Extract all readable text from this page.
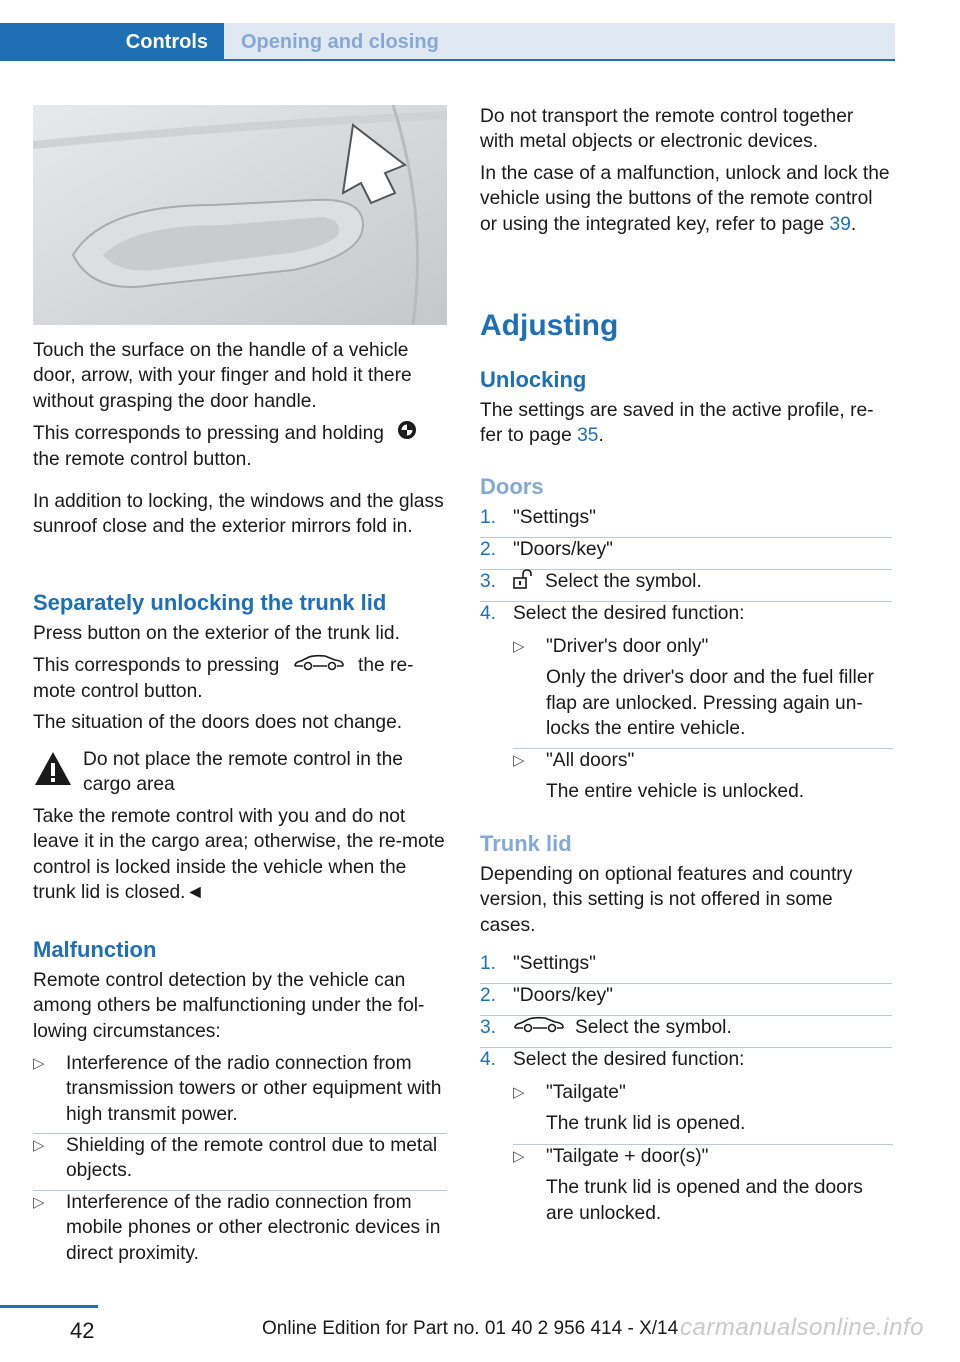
Controls	Opening and closing

Touch the surface on the handle of a vehicle door, arrow, with your finger and hold it there without grasping the door handle.

This corresponds to pressing and holding
the remote control button.

In addition to locking, the windows and the glass sunroof close and the exterior mirrors fold in.

Separately unlocking the trunk lid

Press button on the exterior of the trunk lid.

This corresponds to pressing	the re-
mote control button.

The situation of the doors does not change.

Do not place the remote control in the cargo area

Take the remote control with you and do not leave it in the cargo area; otherwise, the re-mote control is locked inside the vehicle when the trunk lid is closed.◄

Malfunction

Remote control detection by the vehicle can among others be malfunctioning under the fol-lowing circumstances:

▷	Interference of the radio connection from transmission towers or other equipment with high transmit power.
▷	Shielding of the remote control due to metal objects.
▷	Interference of the radio connection from mobile phones or other electronic devices in direct proximity.

Do not transport the remote control together with metal objects or electronic devices.

In the case of a malfunction, unlock and lock the vehicle using the buttons of the remote control or using the integrated key, refer to page 39.

Adjusting
Unlocking

The settings are saved in the active profile, re-fer to page 35.

Doors
1. "Settings"
2. "Doors/key"
3.	Select the symbol.
4. Select the desired function:
▷	"Driver's door only"

Only the driver's door and the fuel filler flap are unlocked. Pressing again un-locks the entire vehicle.
▷	"All doors"

The entire vehicle is unlocked.
Trunk lid

Depending on optional features and country version, this setting is not offered in some cases.

1. "Settings"
2. "Doors/key"
3.	Select the symbol.
4. Select the desired function:
▷	"Tailgate"

The trunk lid is opened.
▷	"Tailgate + door(s)"

The trunk lid is opened and the doors are unlocked.
42	Online Edition for Part no. 01 40 2 956 414 - X/14 carmanualsonline.info
